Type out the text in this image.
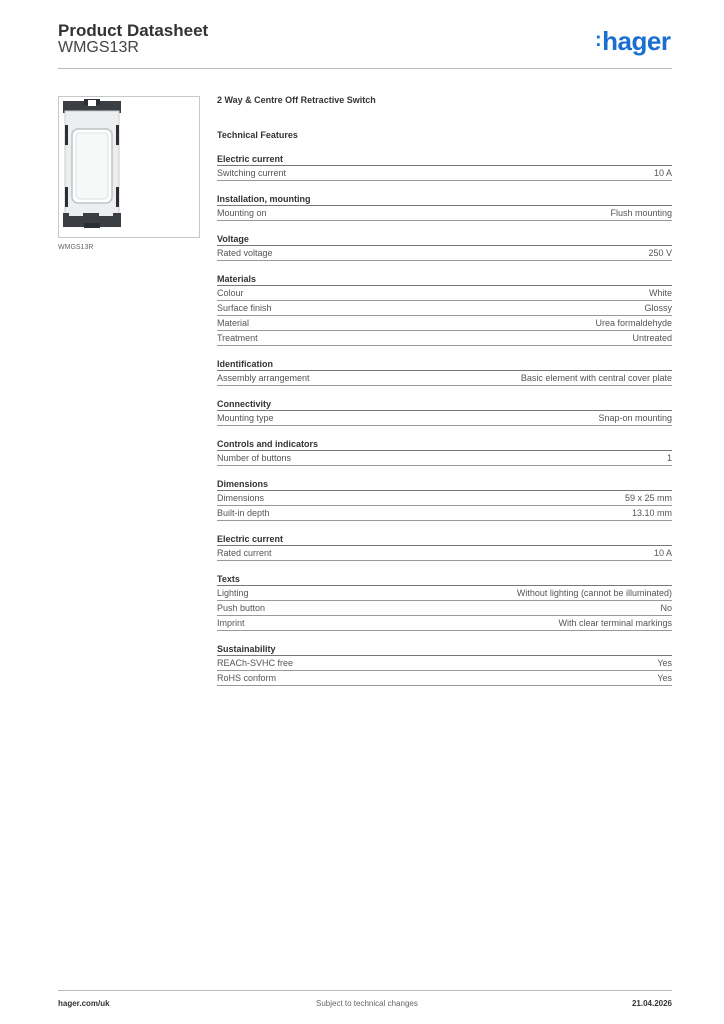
Product Datasheet
WMGS13R	:hager
WMGS13R
2 Way & Centre Off Retractive Switch
Technical Features
Electric current
Switching current	10 A
Installation, mounting
Mounting on	Flush mounting
Voltage
Rated voltage	250 V
Materials
Colour	White
Surface finish	Glossy
Material	Urea formaldehyde
Treatment	Untreated
Identification
Assembly arrangement	Basic element with central cover plate
Connectivity
Mounting type	Snap-on mounting
Controls and indicators
Number of buttons	1
Dimensions
Dimensions	59 x 25 mm
Built-in depth	13.10 mm
Electric current
Rated current	10 A
Texts
Lighting	Without lighting (cannot be illuminated)
Push button	No
Imprint	With clear terminal markings
Sustainability
REACh-SVHC free	Yes
RoHS conform	Yes
hager.com/uk	Subject to technical changes	21.04.2026
